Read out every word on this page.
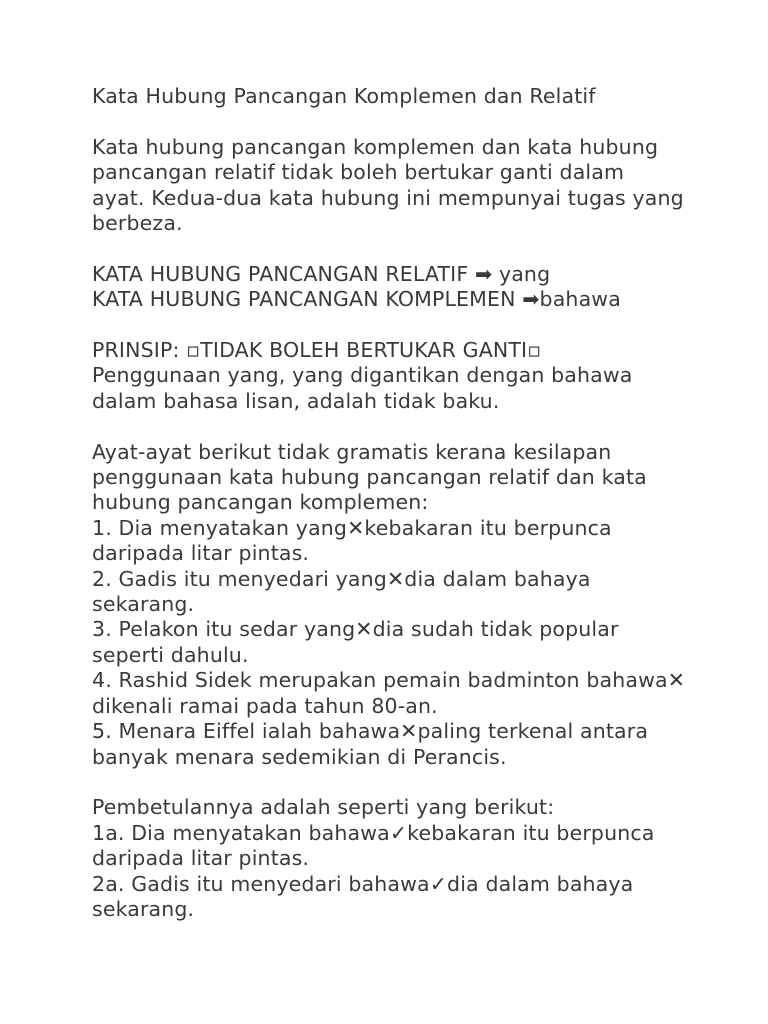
Kata Hubung Pancangan Komplemen dan Relatif
Kata hubung pancangan komplemen dan kata hubung
pancangan relatif tidak boleh bertukar ganti dalam
ayat. Kedua-dua kata hubung ini mempunyai tugas yang
berbeza.
KATA HUBUNG PANCANGAN RELATIF ➡ yang
KATA HUBUNG PANCANGAN KOMPLEMEN ➡bahawa
PRINSIP: ▫TIDAK BOLEH BERTUKAR GANTI▫
Penggunaan yang, yang digantikan dengan bahawa
dalam bahasa lisan, adalah tidak baku.
Ayat-ayat berikut tidak gramatis kerana kesilapan
penggunaan kata hubung pancangan relatif dan kata
hubung pancangan komplemen:
1. Dia menyatakan yang✕kebakaran itu berpunca
daripada litar pintas.
2. Gadis itu menyedari yang✕dia dalam bahaya
sekarang.
3. Pelakon itu sedar yang✕dia sudah tidak popular
seperti dahulu.
4. Rashid Sidek merupakan pemain badminton bahawa✕
dikenali ramai pada tahun 80-an.
5. Menara Eiffel ialah bahawa✕paling terkenal antara
banyak menara sedemikian di Perancis.
Pembetulannya adalah seperti yang berikut:
1a. Dia menyatakan bahawa✓kebakaran itu berpunca
daripada litar pintas.
2a. Gadis itu menyedari bahawa✓dia dalam bahaya
sekarang.
